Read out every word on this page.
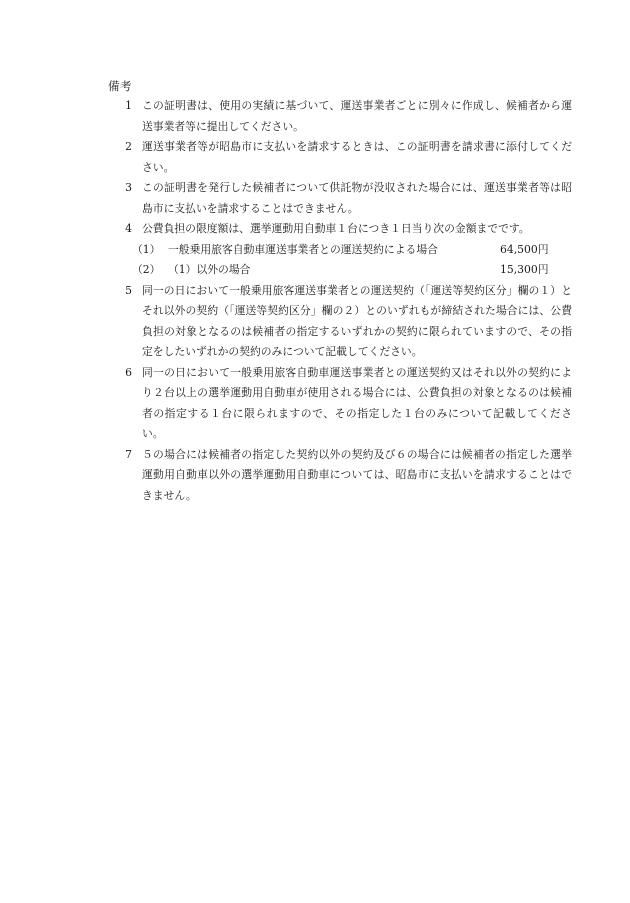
備考
1 この証明書は、使用の実績に基づいて、運送事業者ごとに別々に作成し、候補者から運送事業者等に提出してください。
2 運送事業者等が昭島市に支払いを請求するときは、この証明書を請求書に添付してください。
3 この証明書を発行した候補者について供託物が没収された場合には、運送事業者等は昭島市に支払いを請求することはできません。
4 公費負担の限度額は、選挙運動用自動車１台につき１日当り次の金額までです。
（1） 一般乗用旅客自動車運送事業者との運送契約による場合	64,500円
（2） （1）以外の場合	15,300円
5 同一の日において一般乗用旅客運送事業者との運送契約（「運送等契約区分」欄の１）とそれ以外の契約（「運送等契約区分」欄の２）とのいずれもが締結された場合には、公費負担の対象となるのは候補者の指定するいずれかの契約に限られていますので、その指定をしたいずれかの契約のみについて記載してください。
6 同一の日において一般乗用旅客自動車運送事業者との運送契約又はそれ以外の契約により２台以上の選挙運動用自動車が使用される場合には、公費負担の対象となるのは候補者の指定する１台に限られますので、その指定した１台のみについて記載してください。
7 ５の場合には候補者の指定した契約以外の契約及び６の場合には候補者の指定した選挙運動用自動車以外の選挙運動用自動車については、昭島市に支払いを請求することはできません。
